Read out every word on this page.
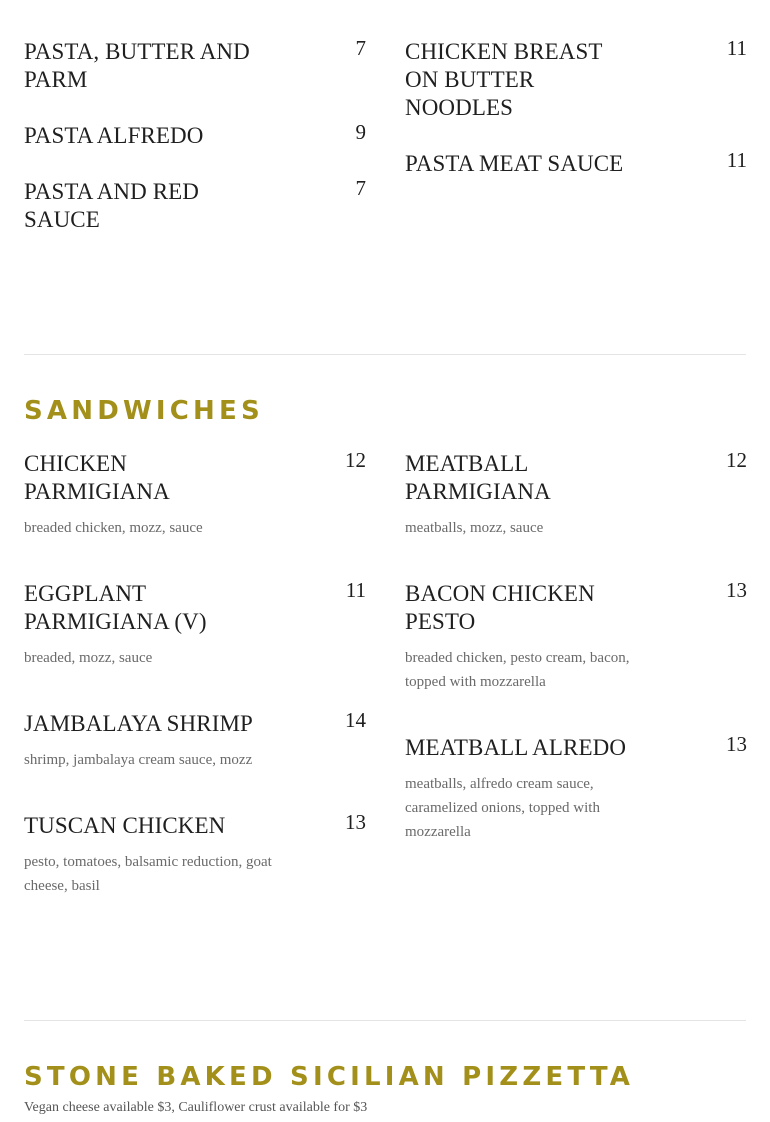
PASTA, BUTTER AND PARM
7
PASTA ALFREDO	9
PASTA AND RED SAUCE
7
CHICKEN BREAST ON BUTTER NOODLES
11
PASTA MEAT SAUCE	11
SANDWICHES
CHICKEN PARMIGIANA
12
breaded chicken, mozz, sauce
EGGPLANT PARMIGIANA (V)
11
breaded, mozz, sauce
JAMBALAYA SHRIMP	14
shrimp, jambalaya cream sauce, mozz
TUSCAN CHICKEN	13
pesto, tomatoes, balsamic reduction, goat cheese, basil
MEATBALL PARMIGIANA
12
meatballs, mozz, sauce
BACON CHICKEN PESTO
13
breaded chicken, pesto cream, bacon, topped with mozzarella
MEATBALL ALREDO	13
meatballs, alfredo cream sauce, caramelized onions, topped with mozzarella
STONE BAKED SICILIAN PIZZETTA
Vegan cheese available $3, Cauliflower crust available for $3
